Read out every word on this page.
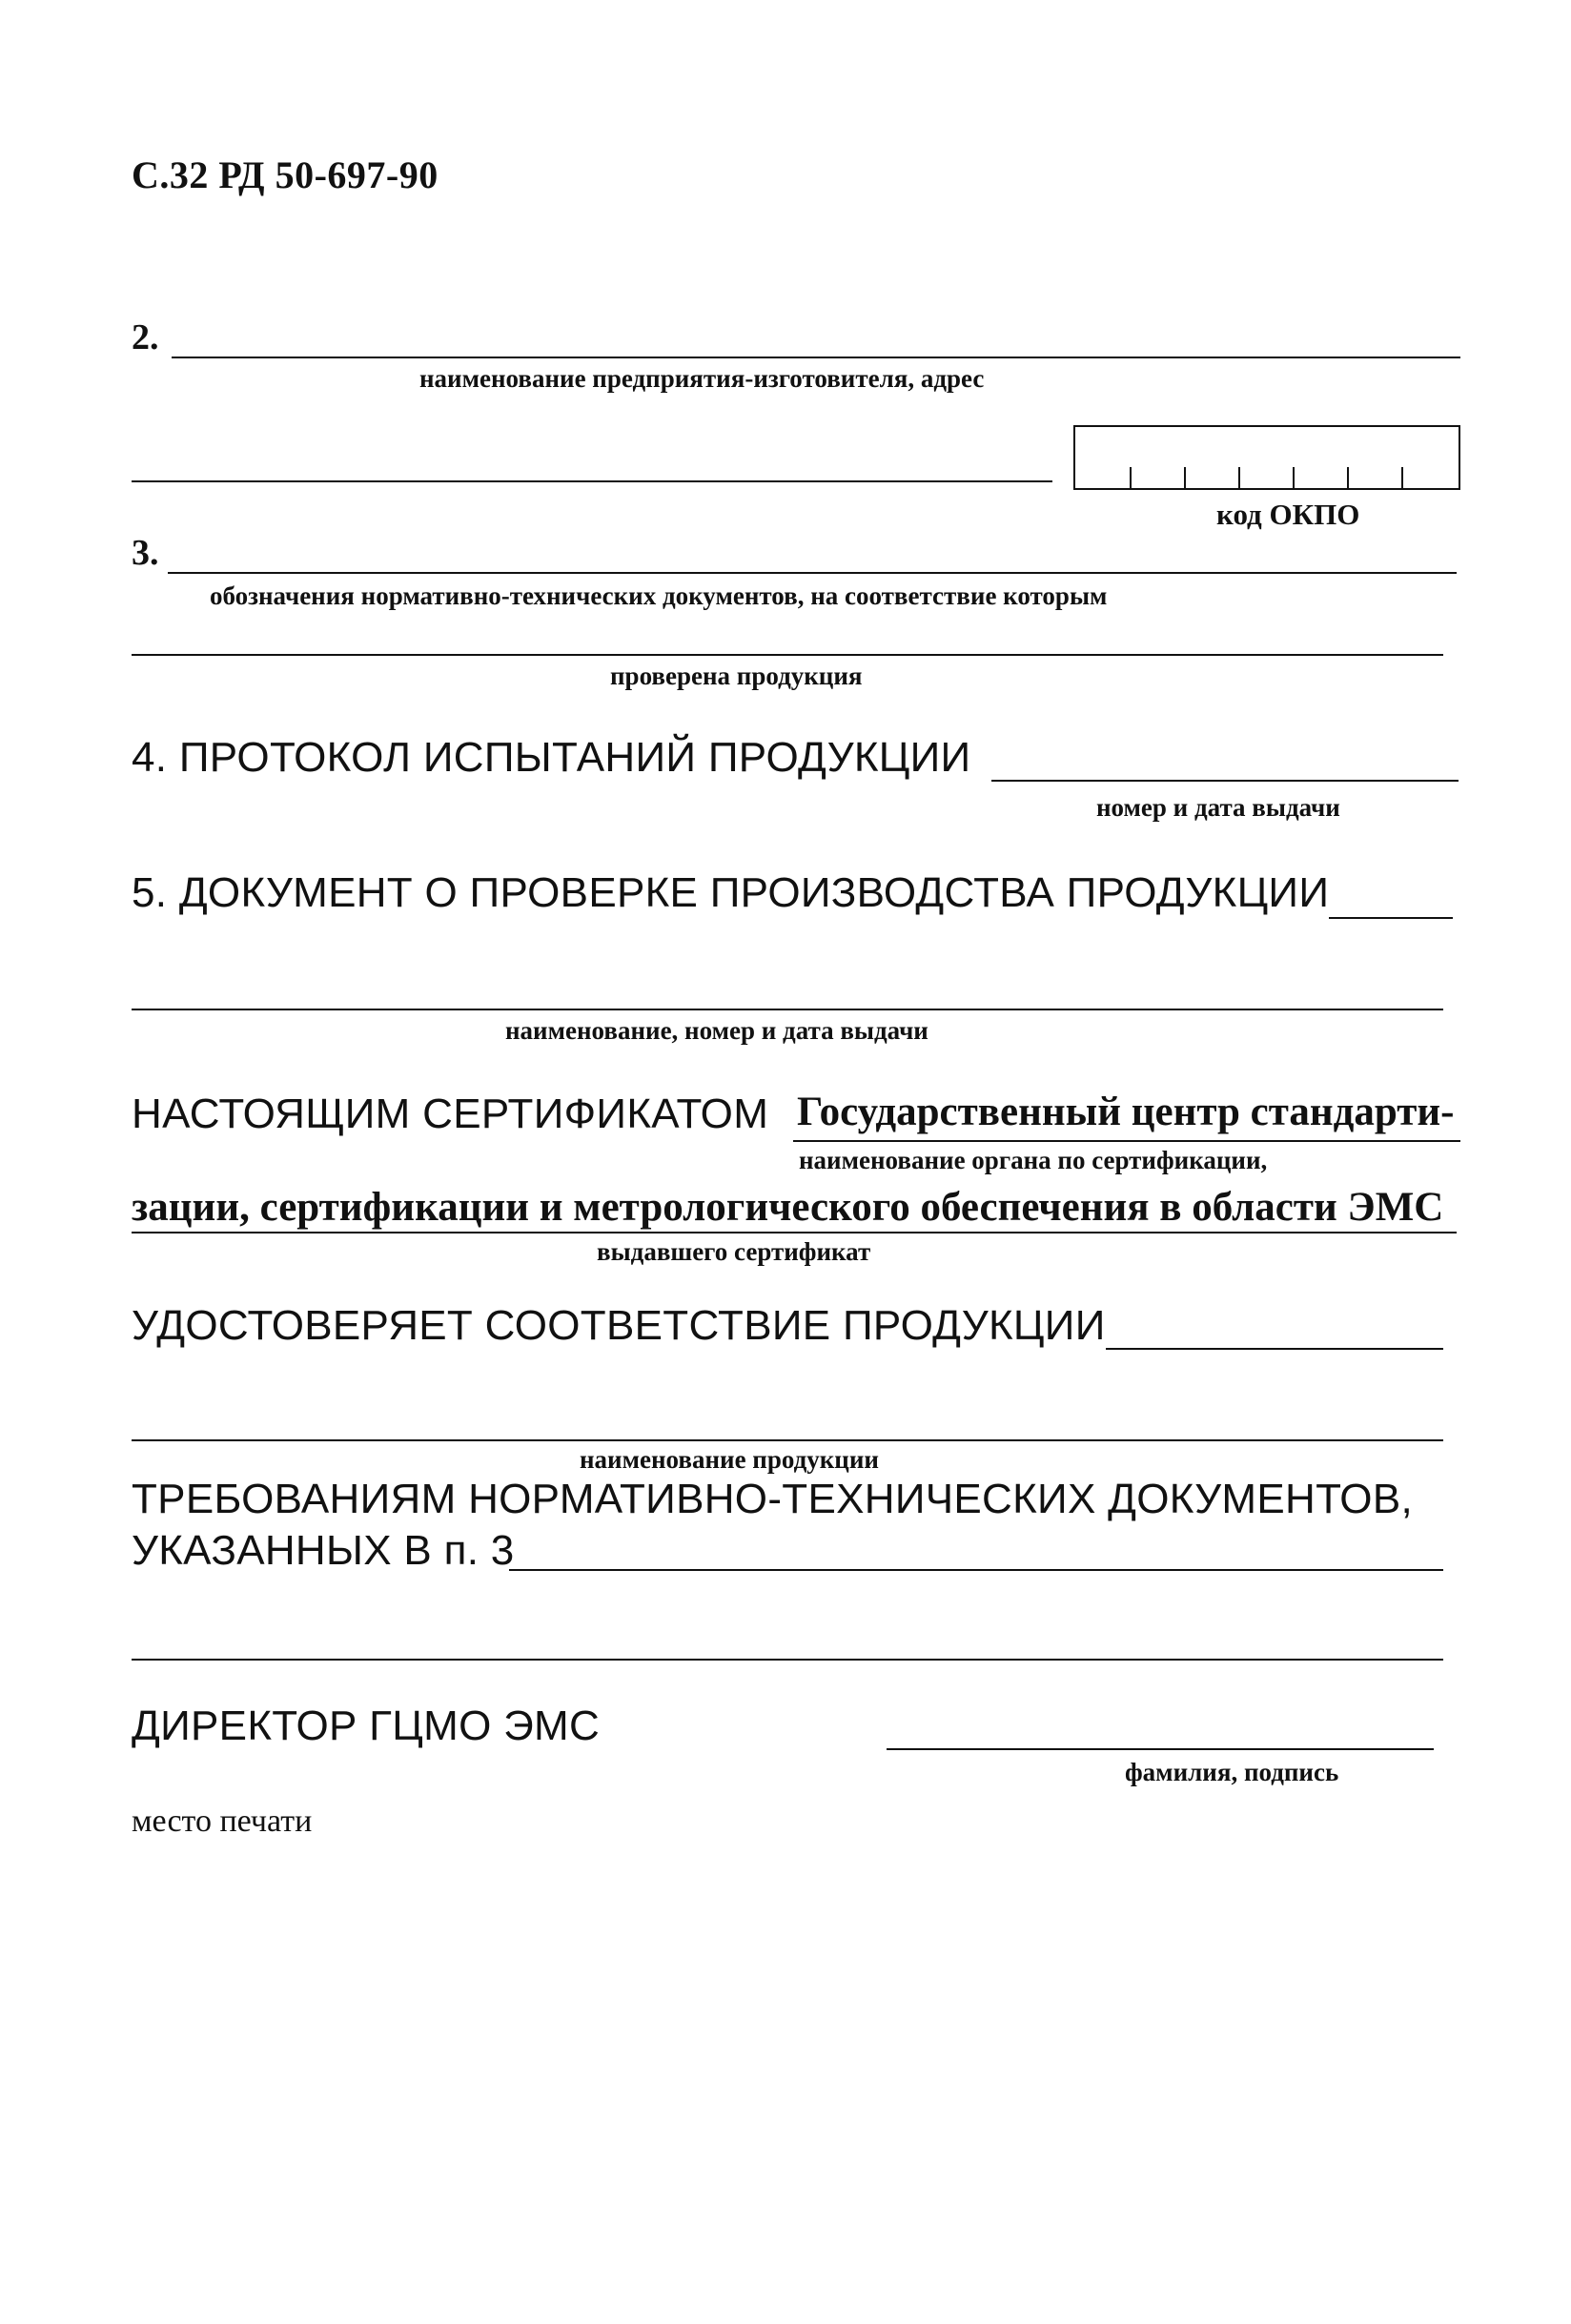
С.32 РД 50-697-90
2.
наименование предприятия-изготовителя, адрес
код ОКПО
3.
обозначения нормативно-технических документов, на соответствие которым
проверена продукция
4. ПРОТОКОЛ ИСПЫТАНИЙ ПРОДУКЦИИ
номер и дата выдачи
5. ДОКУМЕНТ О ПРОВЕРКЕ ПРОИЗВОДСТВА ПРОДУКЦИИ
наименование, номер и дата выдачи
НАСТОЯЩИМ СЕРТИФИКАТОМ Государственный центр стандарти-
наименование органа по сертификации,
зации, сертификации и метрологического обеспечения в области ЭМС
выдавшего сертификат
УДОСТОВЕРЯЕТ СООТВЕТСТВИЕ ПРОДУКЦИИ
наименование продукции
ТРЕБОВАНИЯМ НОРМАТИВНО-ТЕХНИЧЕСКИХ ДОКУМЕНТОВ,
УКАЗАННЫХ В п. 3
ДИРЕКТОР ГЦМО ЭМС
фамилия, подпись
место печати
